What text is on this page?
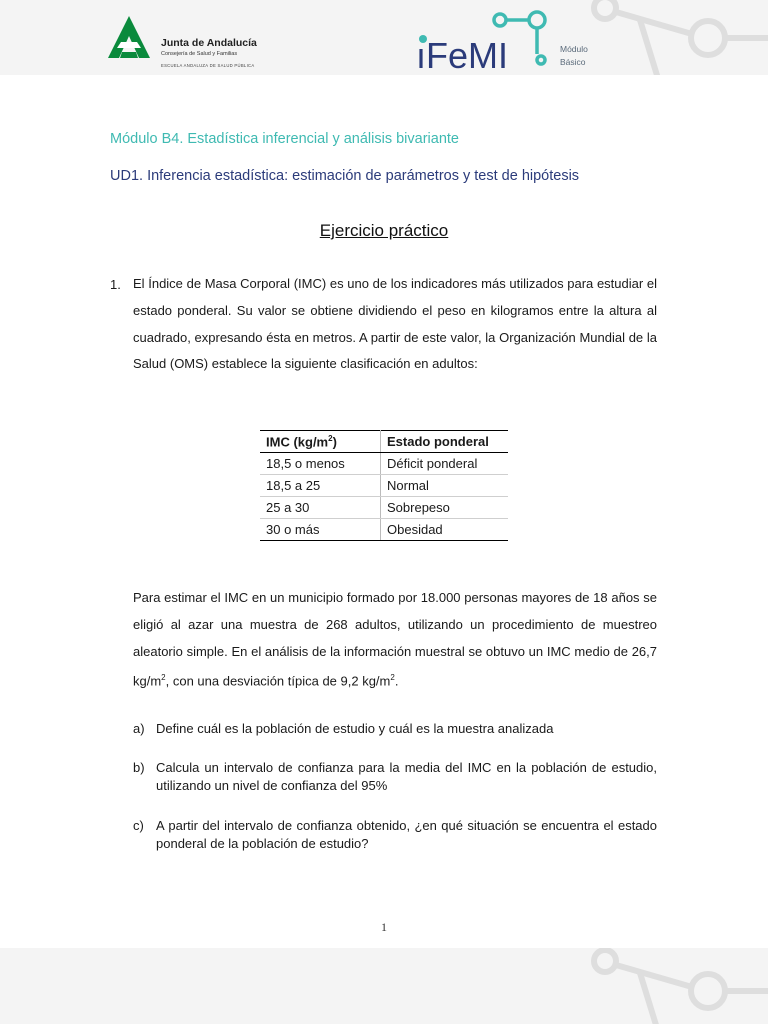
Junta de Andalucía
Consejería de Salud y Familias
ESCUELA ANDALUZA DE SALUD PÚBLICA	ıFeMI	Módulo
Básico
Módulo B4. Estadística inferencial y análisis bivariante
UD1. Inferencia estadística: estimación de parámetros y test de hipótesis
Ejercicio práctico
1. El Índice de Masa Corporal (IMC) es uno de los indicadores más utilizados para estudiar el estado ponderal. Su valor se obtiene dividiendo el peso en kilogramos entre la altura al cuadrado, expresando ésta en metros. A partir de este valor, la Organización Mundial de la Salud (OMS) establece la siguiente clasificación en adultos:
IMC $(kg/m^2)$	Estado ponderal
18,5 o menos	Déficit ponderal
18,5 a 25	Normal
25 a 30	Sobrepeso
30 o más	Obesidad
Para estimar el IMC en un municipio formado por 18.000 personas mayores de 18 años se eligió al azar una muestra de 268 adultos, utilizando un procedimiento de muestreo aleatorio simple. En el análisis de la información muestral se obtuvo un IMC medio de 26,7 $kg/m^2$, con una desviación típica de 9,2 $kg/m^2$.
a) Define cuál es la población de estudio y cuál es la muestra analizada
b) Calcula un intervalo de confianza para la media del IMC en la población de estudio, utilizando un nivel de confianza del 95%
c) A partir del intervalo de confianza obtenido, ¿en qué situación se encuentra el estado ponderal de la población de estudio?
1
